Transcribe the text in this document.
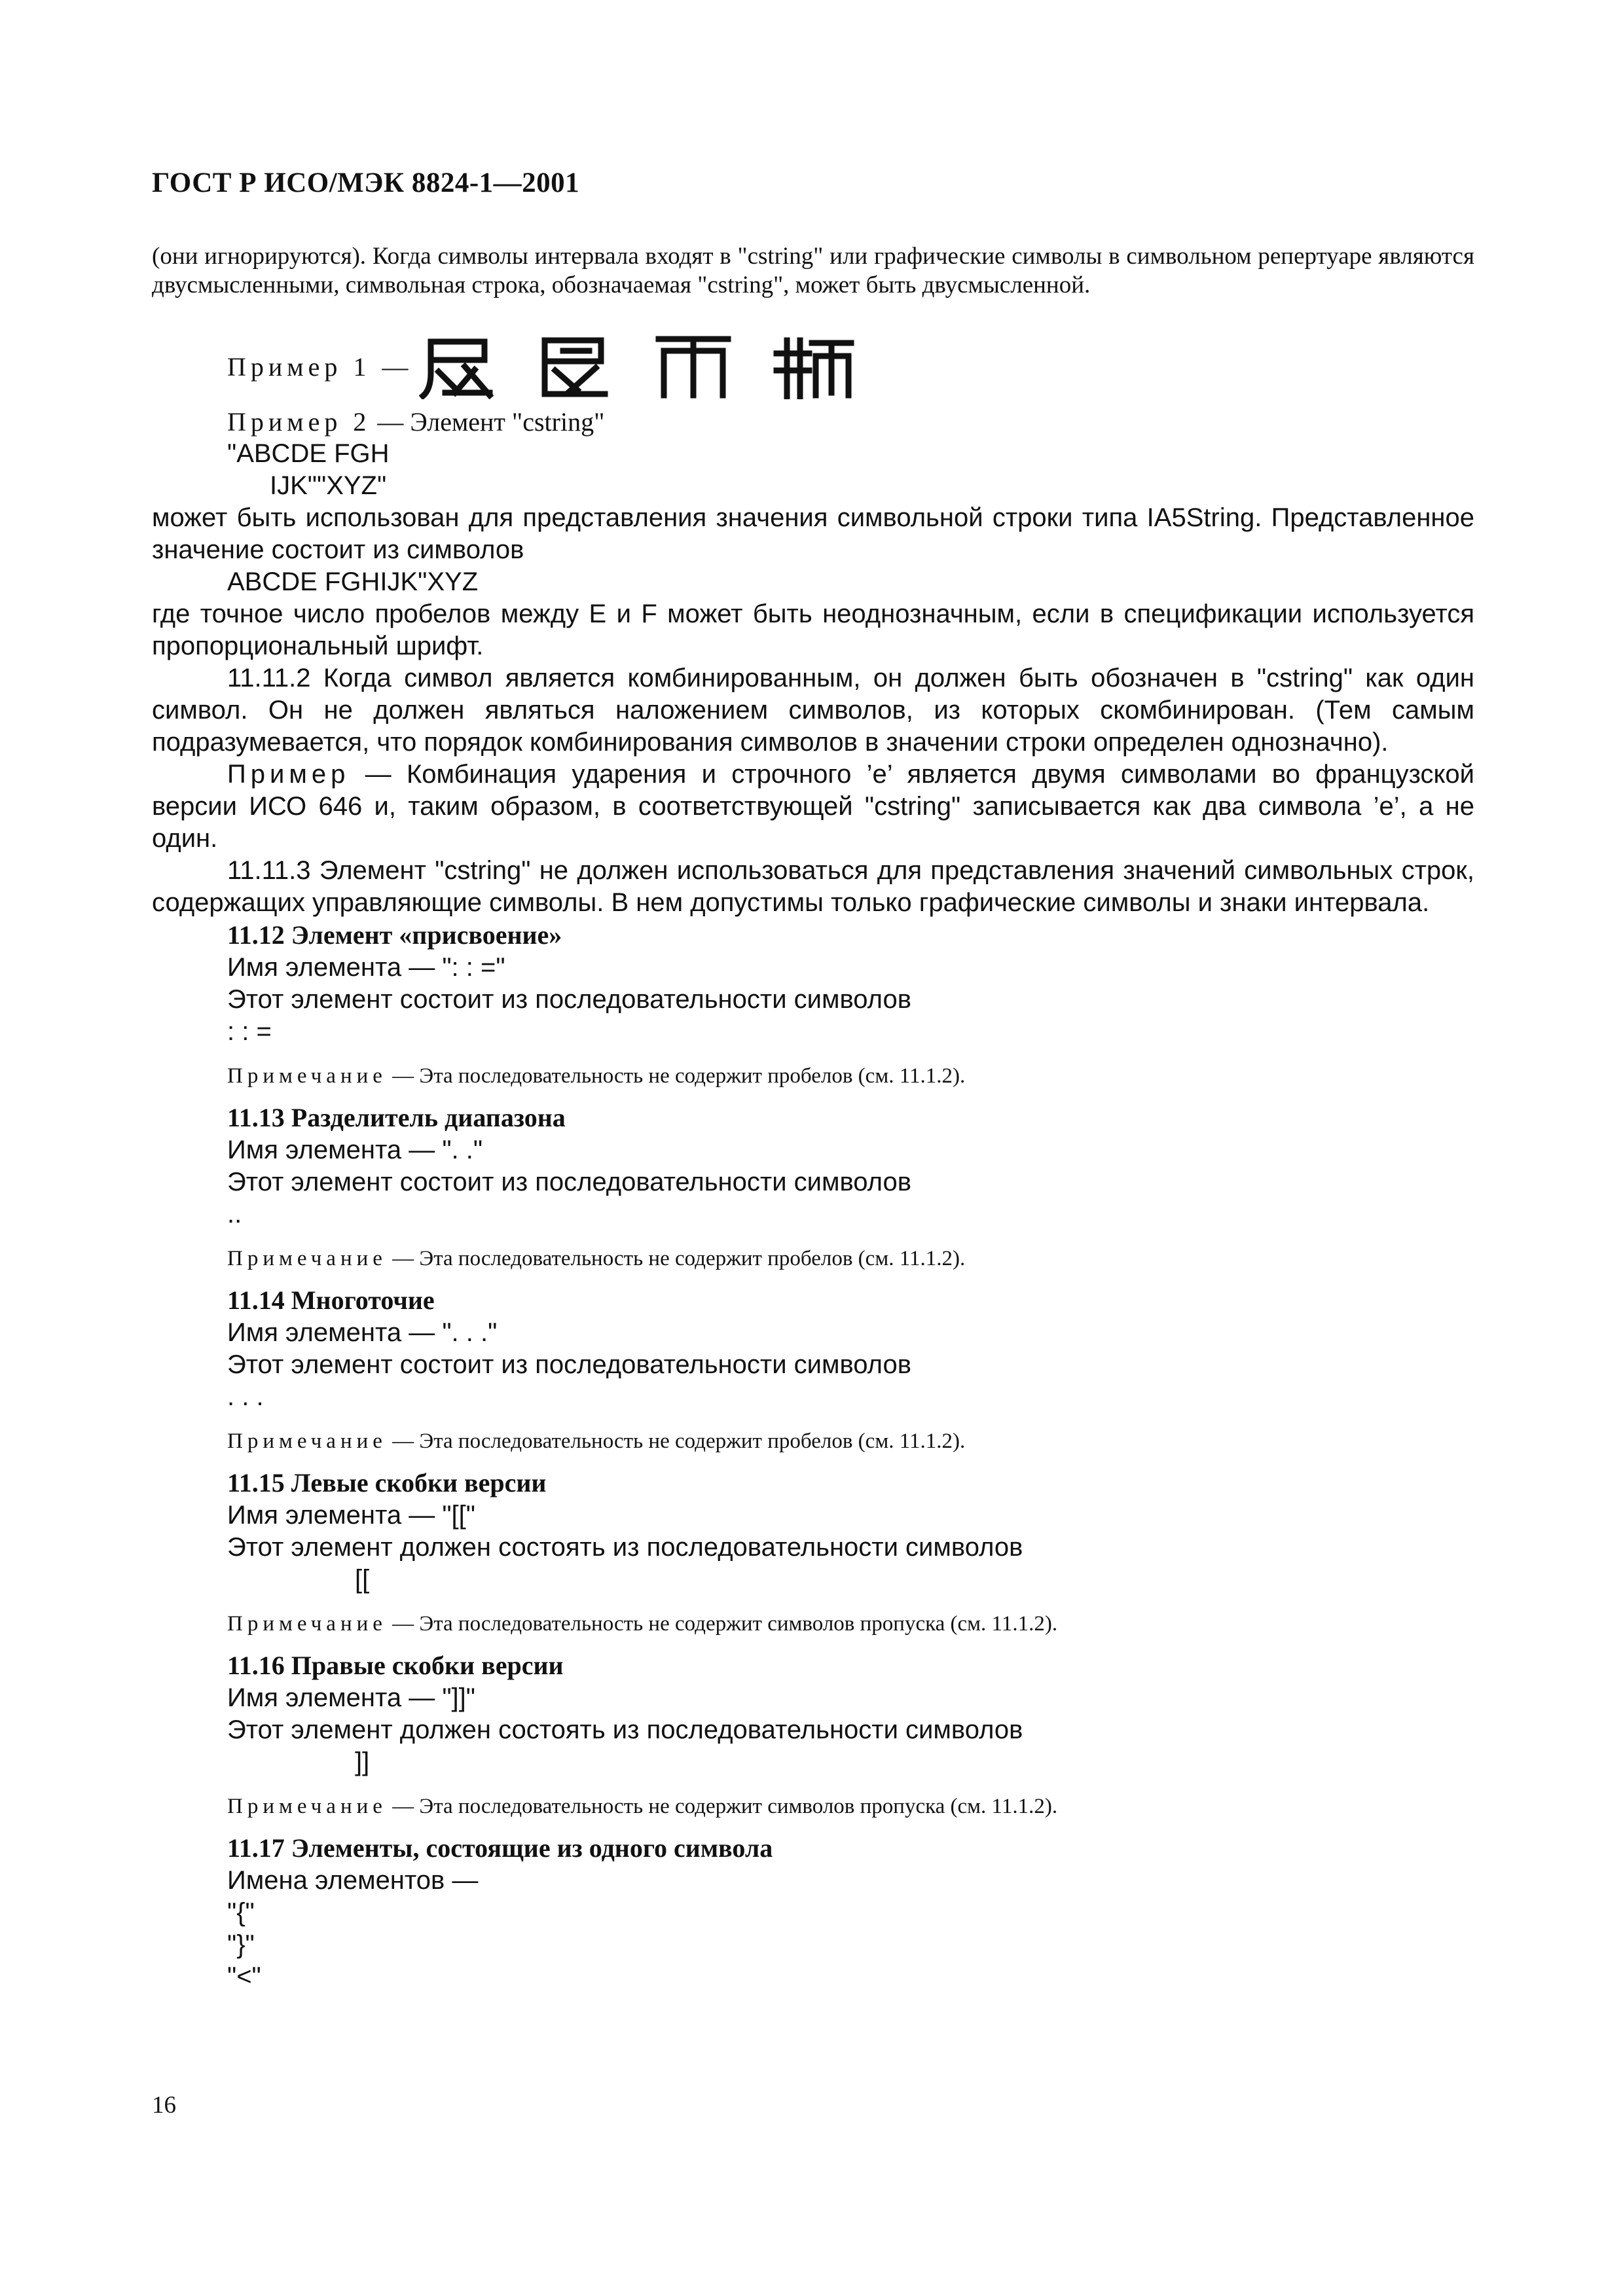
ГОСТ Р ИСО/МЭК 8824-1—2001

(они игнорируются). Когда символы интервала входят в "cstring" или графические символы в символьном репертуаре являются двусмысленными, символьная строка, обозначаемая "cstring", может быть двусмысленной.

Пример 1 —

Пример 2 — Элемент "cstring"

"ABCDE FGH

IJK""XYZ"

может быть использован для представления значения символьной строки типа IA5String. Представленное значение состоит из символов

ABCDE FGHIJK"XYZ

где точное число пробелов между E и F может быть неоднозначным, если в спецификации используется пропорциональный шрифт.

11.11.2 Когда символ является комбинированным, он должен быть обозначен в "cstring" как один символ. Он не должен являться наложением символов, из которых скомбинирован. (Тем самым подразумевается, что порядок комбинирования символов в значении строки определен однозначно).

Пример — Комбинация ударения и строчного ’e’ является двумя символами во французской версии ИСО 646 и, таким образом, в соответствующей "cstring" записывается как два символа ’e’, а не один.

11.11.3 Элемент "cstring" не должен использоваться для представления значений символьных строк, содержащих управляющие символы. В нем допустимы только графические символы и знаки интервала.

11.12 Элемент «присвоение»

Имя элемента — ": : ="

Этот элемент состоит из последовательности символов

: : =

Примечание — Эта последовательность не содержит пробелов (см. 11.1.2).

11.13 Разделитель диапазона

Имя элемента — ". ."

Этот элемент состоит из последовательности символов

..

Примечание — Эта последовательность не содержит пробелов (см. 11.1.2).

11.14 Многоточие

Имя элемента — ". . ."

Этот элемент состоит из последовательности символов

. . .

Примечание — Эта последовательность не содержит пробелов (см. 11.1.2).

11.15 Левые скобки версии

Имя элемента — "[["

Этот элемент должен состоять из последовательности символов

[[

Примечание — Эта последовательность не содержит символов пропуска (см. 11.1.2).

11.16 Правые скобки версии

Имя элемента — "]]"

Этот элемент должен состоять из последовательности символов

]]

Примечание — Эта последовательность не содержит символов пропуска (см. 11.1.2).

11.17 Элементы, состоящие из одного символа

Имена элементов —

"{"

"}"

"<"

16
